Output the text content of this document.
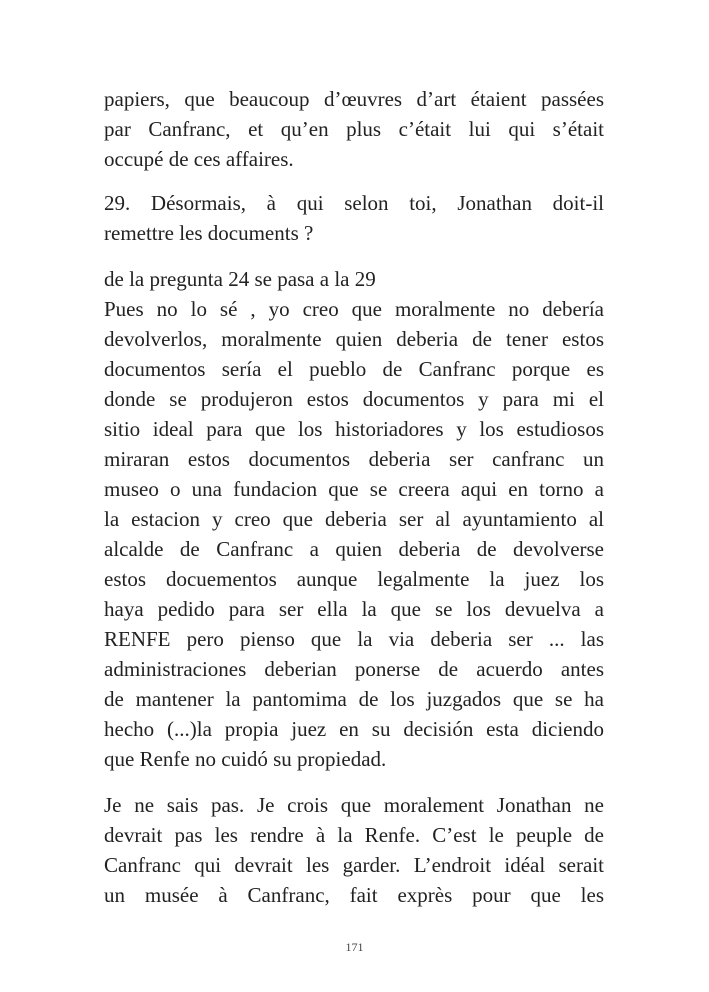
papiers, que beaucoup d’œuvres d’art étaient passées
par Canfranc, et qu’en plus c’était lui qui s’était
occupé de ces affaires.
29. Désormais, à qui selon toi, Jonathan doit-il
remettre les documents ?
de la pregunta 24 se pasa a la 29
Pues no lo sé , yo creo que moralmente no debería
devolverlos, moralmente quien deberia de tener estos
documentos sería el pueblo de Canfranc porque es
donde se produjeron estos documentos y para mi el
sitio ideal para que los historiadores y los estudiosos
miraran estos documentos deberia ser canfranc un
museo o una fundacion que se creera aqui en torno a
la estacion y creo que deberia ser al ayuntamiento al
alcalde de Canfranc a quien deberia de devolverse
estos docuementos aunque legalmente la juez los
haya pedido para ser ella la que se los devuelva a
RENFE pero pienso que la via deberia ser ... las
administraciones deberian ponerse de acuerdo antes
de mantener la pantomima de los juzgados que se ha
hecho (...)la propia juez en su decisión esta diciendo
que Renfe no cuidó su propiedad.
Je ne sais pas. Je crois que moralement Jonathan ne
devrait pas les rendre à la Renfe. C’est le peuple de
Canfranc qui devrait les garder. L’endroit idéal serait
un musée à Canfranc, fait exprès pour que les
171
